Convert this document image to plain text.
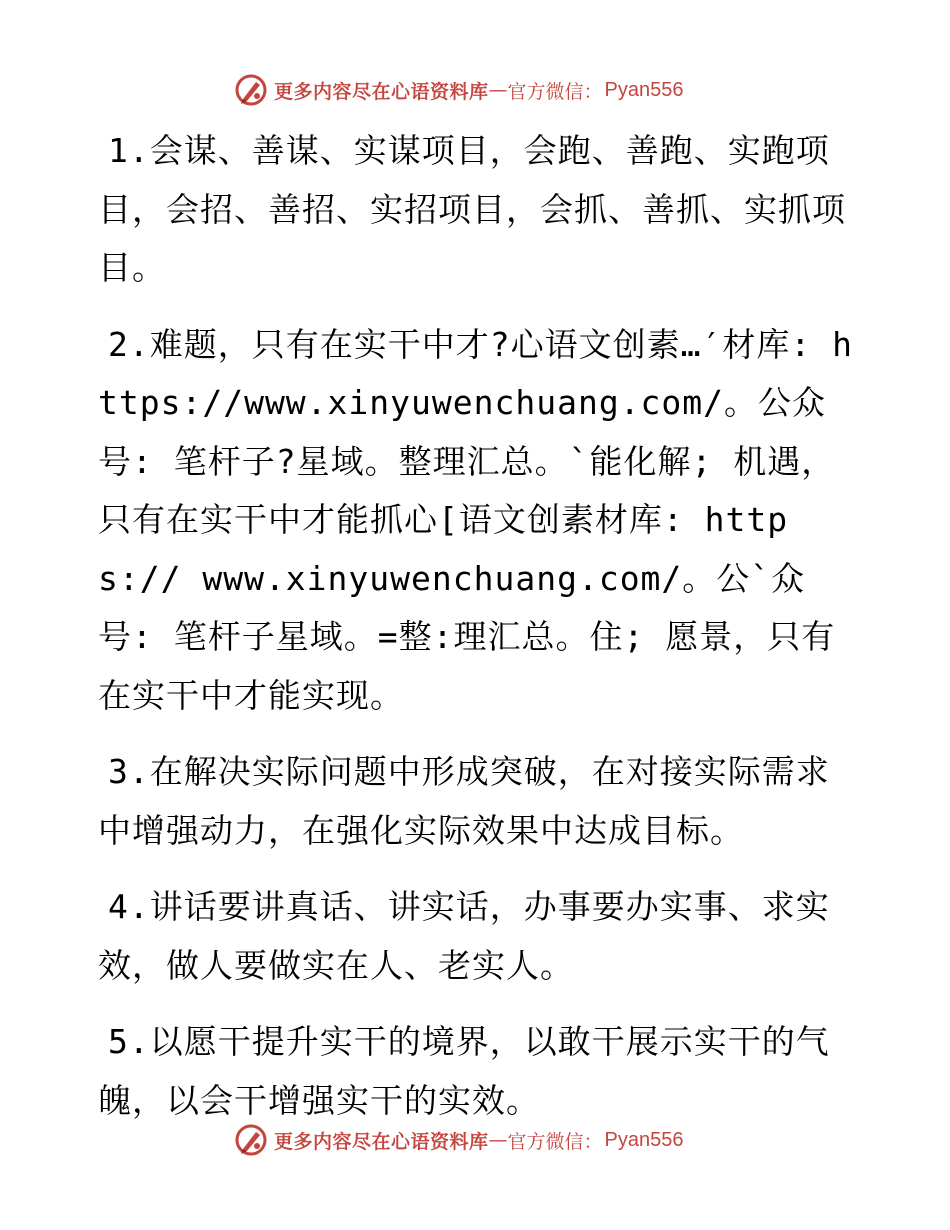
更多内容尽在心语资料库 — 官方微信： Pyan556

1.会谋、善谋、实谋项目，会跑、善跑、实跑项目，会招、善招、实招项目，会抓、善抓、实抓项目。

2.难题，只有在实干中才?心语文创素…′材库: https://www.xinyuwenchuang.com/。公众号: 笔杆子?星域。整理汇总。`能化解; 机遇，只有在实干中才能抓心[语文创素材库: https:// www.xinyuwenchuang.com/。公`众号: 笔杆子星域。=整:理汇总。住; 愿景，只有在实干中才能实现。

3.在解决实际问题中形成突破，在对接实际需求中增强动力，在强化实际效果中达成目标。

4.讲话要讲真话、讲实话，办事要办实事、求实效，做人要做实在人、老实人。

5.以愿干提升实干的境界，以敢干展示实干的气魄，以会干增强实干的实效。

更多内容尽在心语资料库 — 官方微信： Pyan556
